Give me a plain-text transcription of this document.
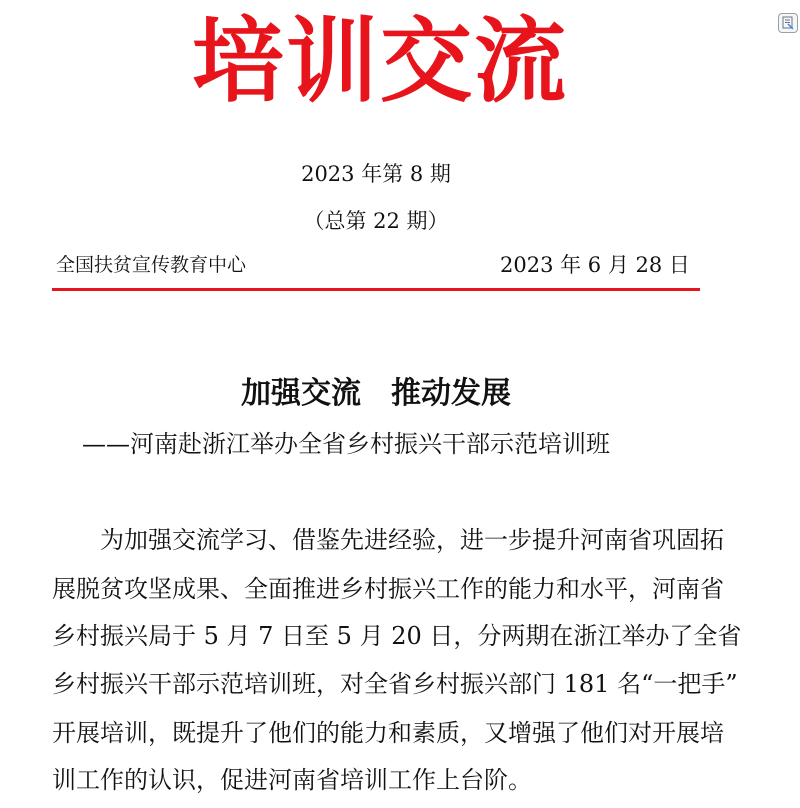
培训交流
2023 年第 8 期
（总第 22 期）
全国扶贫宣传教育中心	2023 年 6 月 28 日
加强交流　推动发展
——河南赴浙江举办全省乡村振兴干部示范培训班
为加强交流学习、借鉴先进经验，进一步提升河南省巩固拓
展脱贫攻坚成果、全面推进乡村振兴工作的能力和水平，河南省
乡村振兴局于 5 月 7 日至 5 月 20 日，分两期在浙江举办了全省
乡村振兴干部示范培训班，对全省乡村振兴部门 181 名“一把手”
开展培训，既提升了他们的能力和素质，又增强了他们对开展培
训工作的认识，促进河南省培训工作上台阶。
